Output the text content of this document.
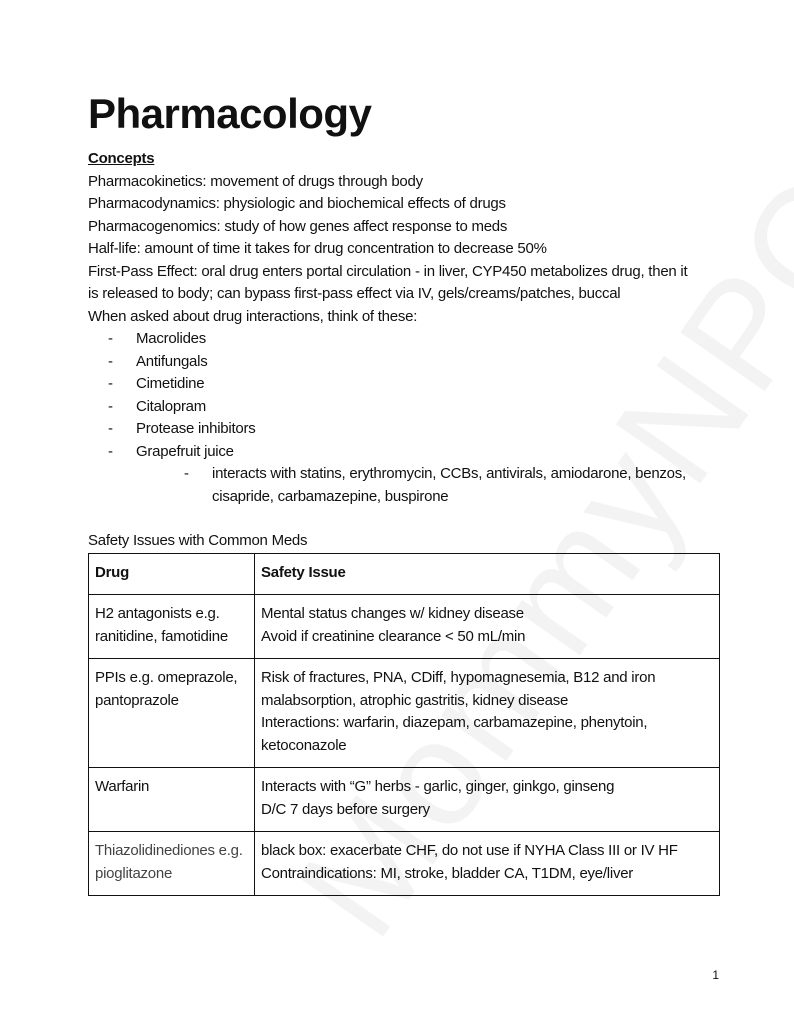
Pharmacology
Concepts
Pharmacokinetics: movement of drugs through body
Pharmacodynamics: physiologic and biochemical effects of drugs
Pharmacogenomics: study of how genes affect response to meds
Half-life: amount of time it takes for drug concentration to decrease 50%
First-Pass Effect: oral drug enters portal circulation - in liver, CYP450 metabolizes drug, then it is released to body; can bypass first-pass effect via IV, gels/creams/patches, buccal
When asked about drug interactions, think of these:
- Macrolides
- Antifungals
- Cimetidine
- Citalopram
- Protease inhibitors
- Grapefruit juice
- interacts with statins, erythromycin, CCBs, antivirals, amiodarone, benzos, cisapride, carbamazepine, buspirone
Safety Issues with Common Meds
Drug	Safety Issue
H2 antagonists e.g. ranitidine, famotidine	Mental status changes w/ kidney disease
Avoid if creatinine clearance < 50 mL/min

PPIs e.g. omeprazole, pantoprazole	Risk of fractures, PNA, CDiff, hypomagnesemia, B12 and iron malabsorption, atrophic gastritis, kidney disease
Interactions: warfarin, diazepam, carbamazepine, phenytoin, ketoconazole

Warfarin	Interacts with “G” herbs - garlic, ginger, ginkgo, ginseng
D/C 7 days before surgery

Thiazolidinediones e.g. pioglitazone	black box: exacerbate CHF, do not use if NYHA Class III or IV HF
Contraindications: MI, stroke, bladder CA, T1DM, eye/liver
1
